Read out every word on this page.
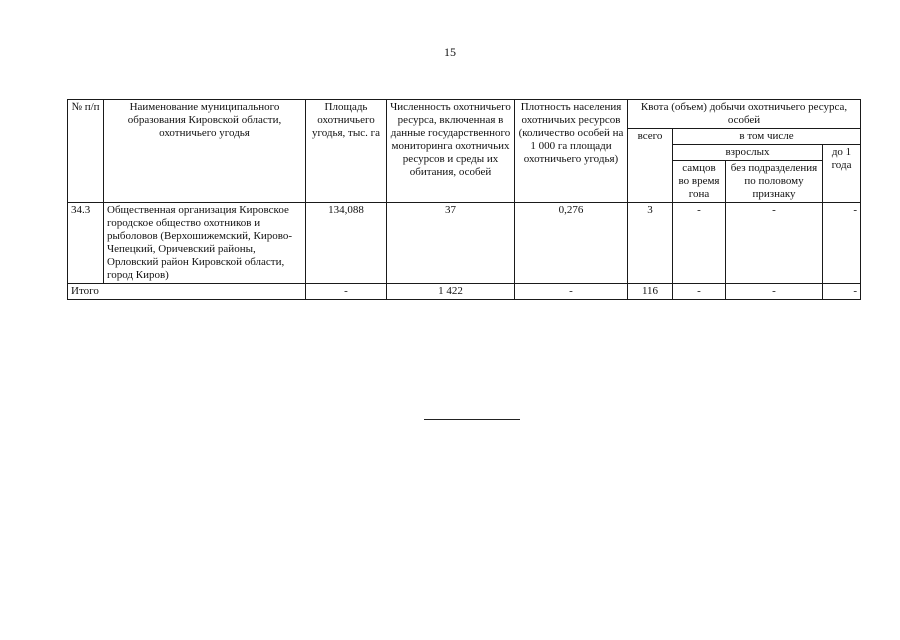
15
№ п/п	Наименование муниципального образования Кировской области, охотничьего угодья	Площадь охотничьего угодья, тыс. га	Численность охотничьего ресурса, включенная в данные государственного мониторинга охотничьих ресурсов и среды их обитания, особей	Плотность населения охотничьих ресурсов (количество особей на 1 000 га площади охотничьего угодья)	Квота (объем) добычи охотничьего ресурса, особей			
					всего	в том числе		
						взрослых		до 1 года
						самцов во время гона	без подразделения по половому признаку	
34.3	Общественная организация Кировское городское общество охотников и рыболовов (Верхошижемский, Кирово-Чепецкий, Оричевский районы, Орловский район Кировской области, город Киров)	134,088	37	0,276	3	-	-	-
Итого		-	1 422	-	116	-	-	-
